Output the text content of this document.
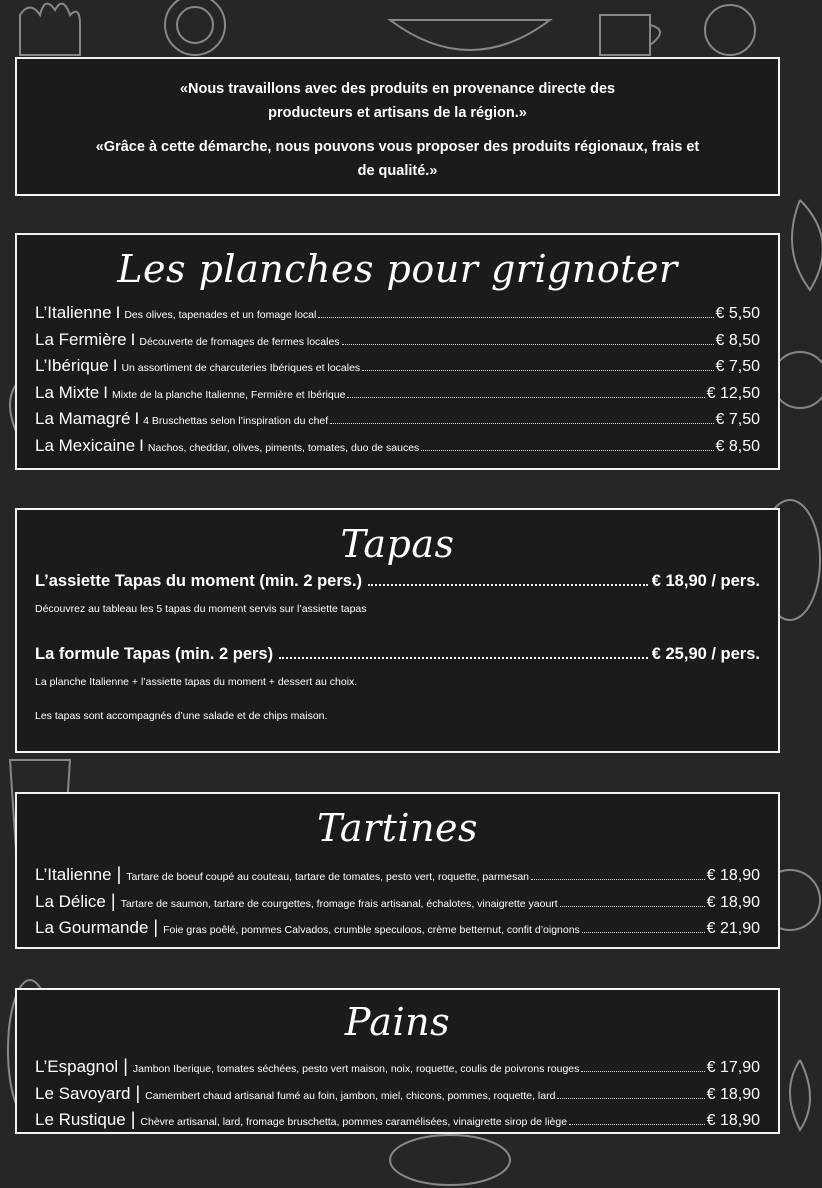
«Nous travaillons avec des produits en provenance directe des producteurs et artisans de la région.»

«Grâce à cette démarche, nous pouvons vous proposer des produits régionaux, frais et de qualité.»

Les planches pour grignoter
L’Italienne I Des olives, tapenades et un fomage local	€ 5,50
La Fermière I Découverte de fromages de fermes locales	€ 8,50
L’Ibérique I Un assortiment de charcuteries Ibériques et locales	€ 7,50
La Mixte I Mixte de la planche Italienne, Fermière et Ibérique	€ 12,50
La Mamagré I 4 Bruschettas selon l’inspiration du chef	€ 7,50
La Mexicaine I Nachos, cheddar, olives, piments, tomates, duo de sauces	€ 8,50
Tapas
L’assiette Tapas du moment (min. 2 pers.)	€ 18,90 / pers.
Découvrez au tableau les 5 tapas du moment servis sur l’assiette tapas
La formule Tapas (min. 2 pers)	€ 25,90 / pers.
La planche Italienne + l’assiette tapas du moment + dessert au choix.
Les tapas sont accompagnés d’une salade et de chips maison.
Tartines
L’Italienne | Tartare de boeuf coupé au couteau, tartare de tomates, pesto vert, roquette, parmesan	€ 18,90
La Délice | Tartare de saumon, tartare de courgettes, fromage frais artisanal, échalotes, vinaigrette yaourt	€ 18,90
La Gourmande | Foie gras poêlé, pommes Calvados, crumble speculoos, crème betternut, confit d’oignons	€ 21,90
Pains
L’Espagnol | Jambon Iberique, tomates séchées, pesto vert maison, noix, roquette, coulis de poivrons rouges	€ 17,90
Le Savoyard | Camembert chaud artisanal fumé au foin, jambon, miel, chicons, pommes, roquette, lard	€ 18,90
Le Rustique | Chèvre artisanal, lard, fromage bruschetta, pommes caramélisées, vinaigrette sirop de liège	€ 18,90
